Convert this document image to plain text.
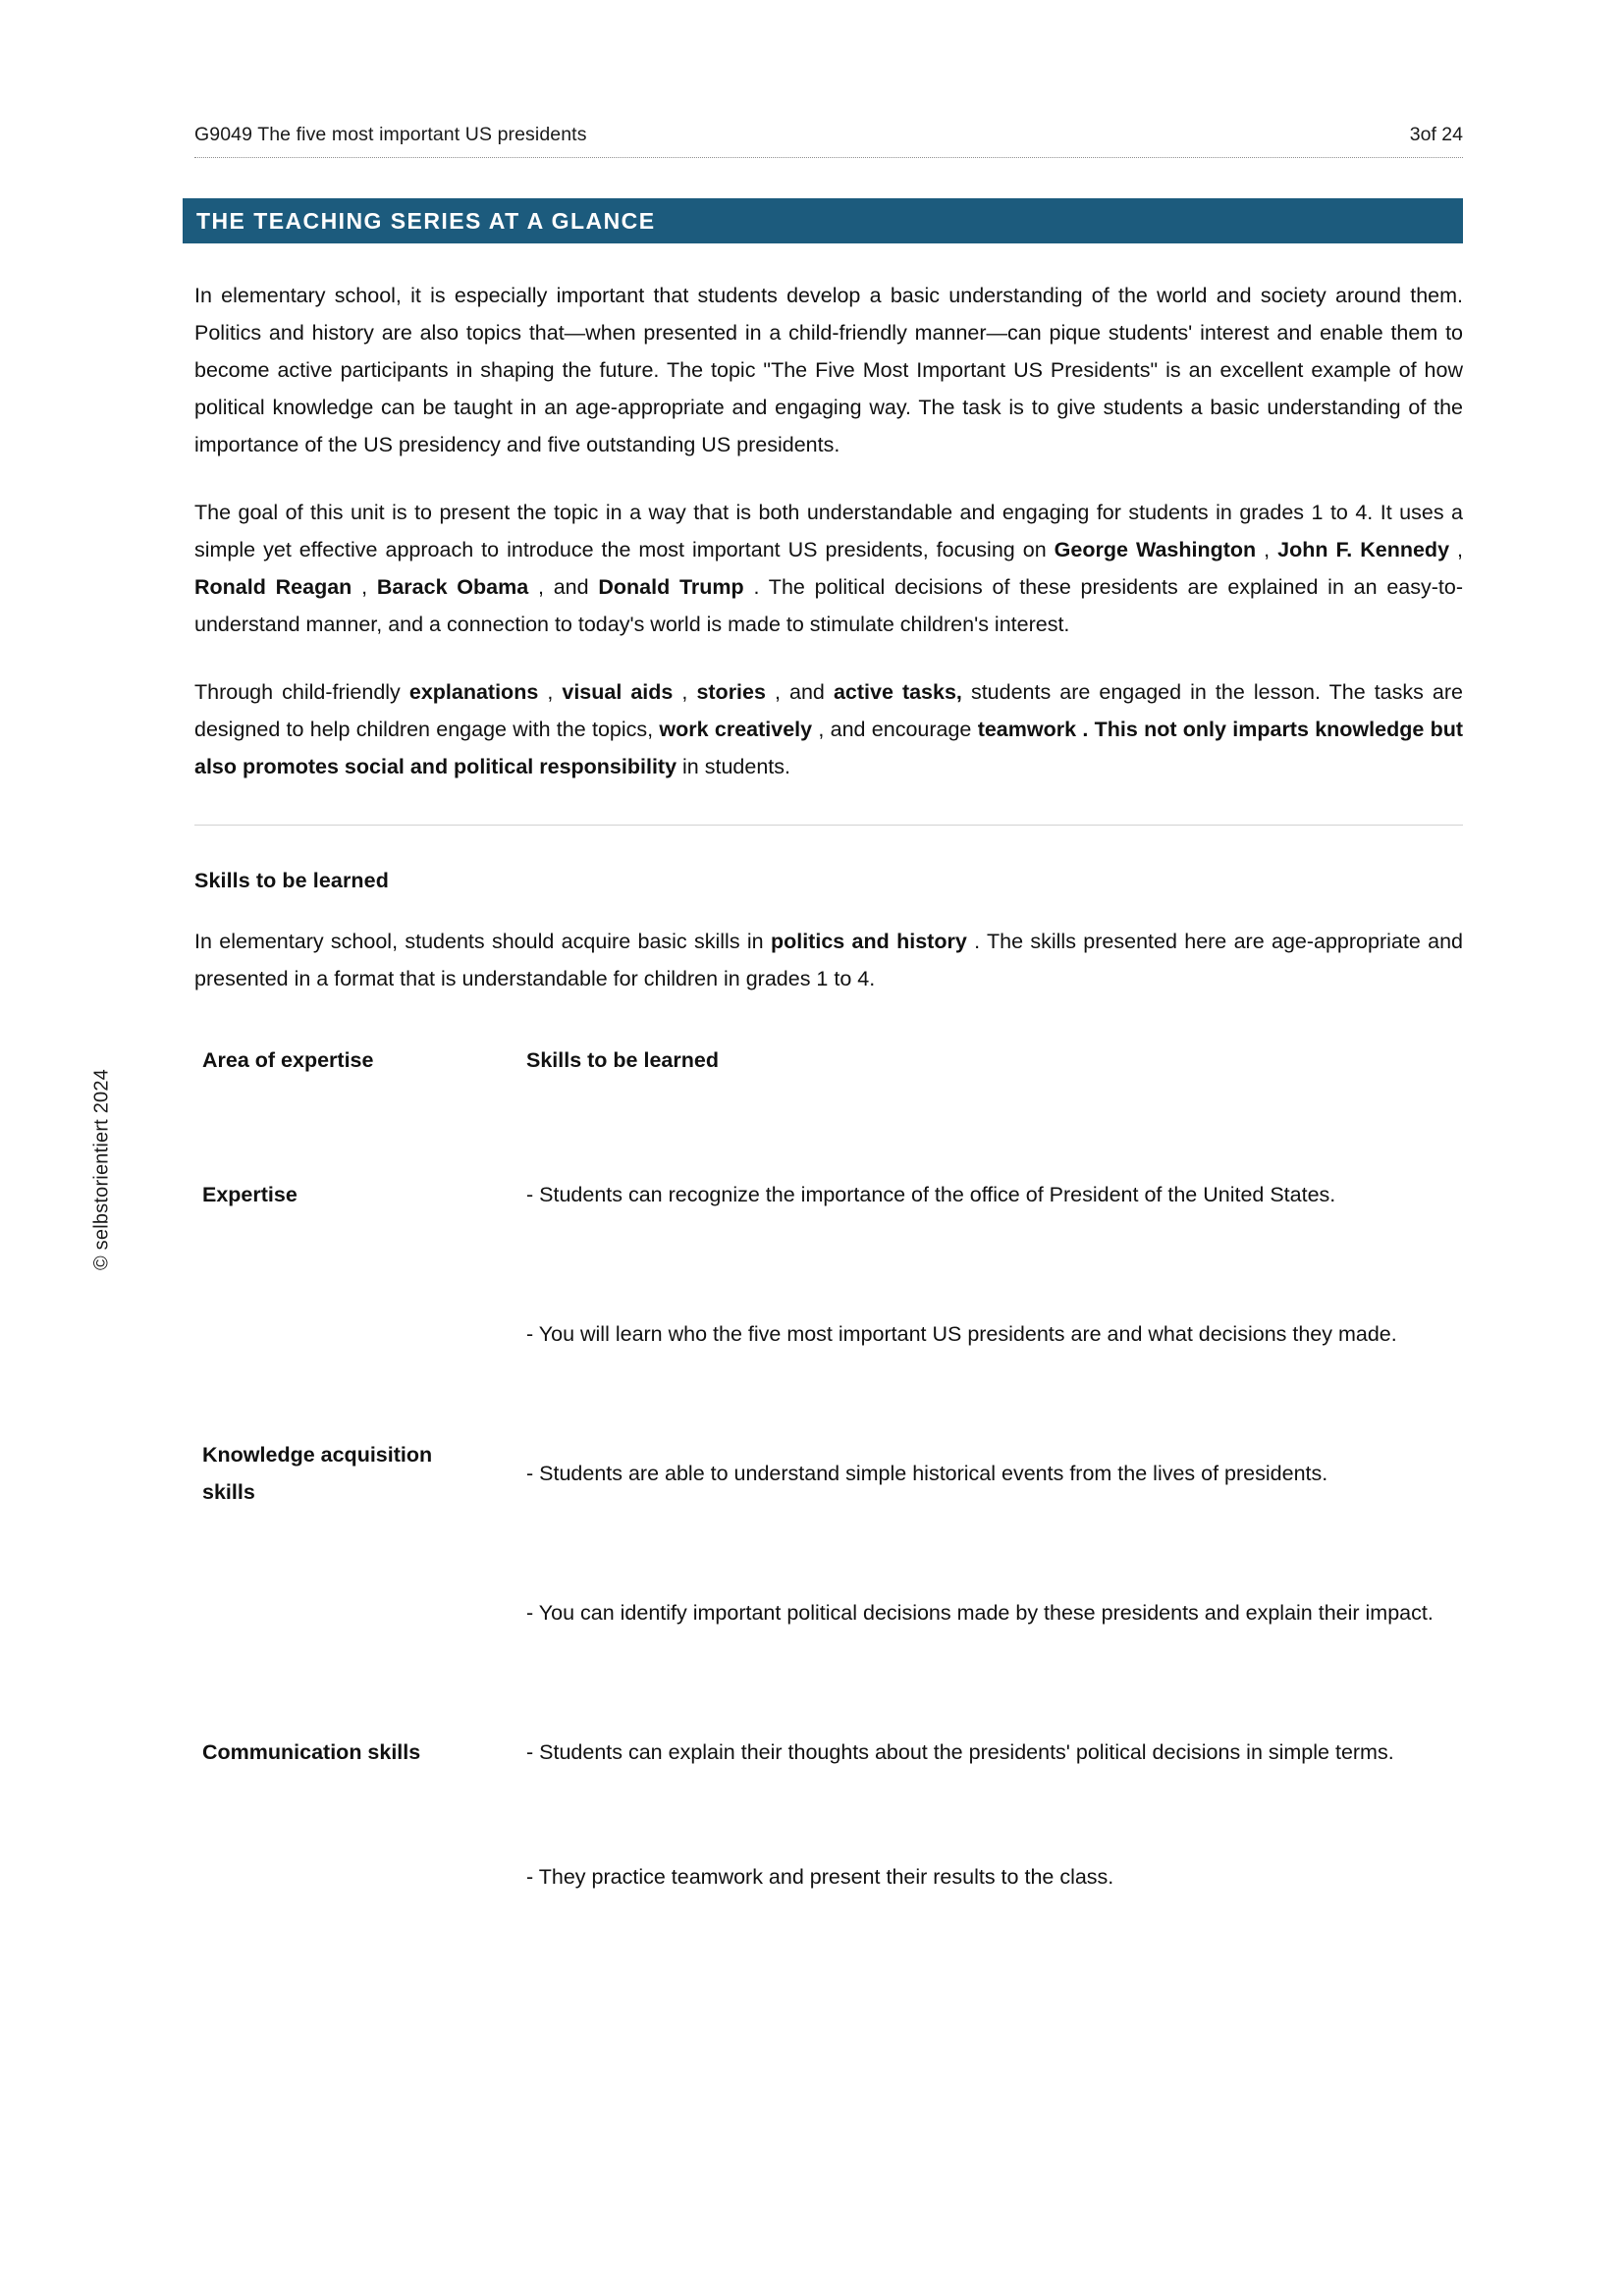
G9049 The five most important US presidents	3of 24
THE TEACHING SERIES AT A GLANCE
© selbstorientiert 2024

In elementary school, it is especially important that students develop a basic understanding of the world and society around them. Politics and history are also topics that—when presented in a child-friendly manner—can pique students' interest and enable them to become active participants in shaping the future. The topic "The Five Most Important US Presidents" is an excellent example of how political knowledge can be taught in an age-appropriate and engaging way. The task is to give students a basic understanding of the importance of the US presidency and five outstanding US presidents.

The goal of this unit is to present the topic in a way that is both understandable and engaging for students in grades 1 to 4. It uses a simple yet effective approach to introduce the most important US presidents, focusing on George Washington , John F. Kennedy , Ronald Reagan , Barack Obama , and Donald Trump . The political decisions of these presidents are explained in an easy-to-understand manner, and a connection to today's world is made to stimulate children's interest.

Through child-friendly explanations , visual aids , stories , and active tasks, students are engaged in the lesson. The tasks are designed to help children engage with the topics, work creatively , and encourage teamwork . This not only imparts knowledge but also promotes social and political responsibility in students.

Skills to be learned

In elementary school, students should acquire basic skills in politics and history . The skills presented here are age-appropriate and presented in a format that is understandable for children in grades 1 to 4.

Area of expertise	Skills to be learned
Expertise	- Students can recognize the importance of the office of President of the United States.
	- You will learn who the five most important US presidents are and what decisions they made.
Knowledge acquisition skills	- Students are able to understand simple historical events from the lives of presidents.
	- You can identify important political decisions made by these presidents and explain their impact.
Communication skills	- Students can explain their thoughts about the presidents' political decisions in simple terms.
	- They practice teamwork and present their results to the class.
